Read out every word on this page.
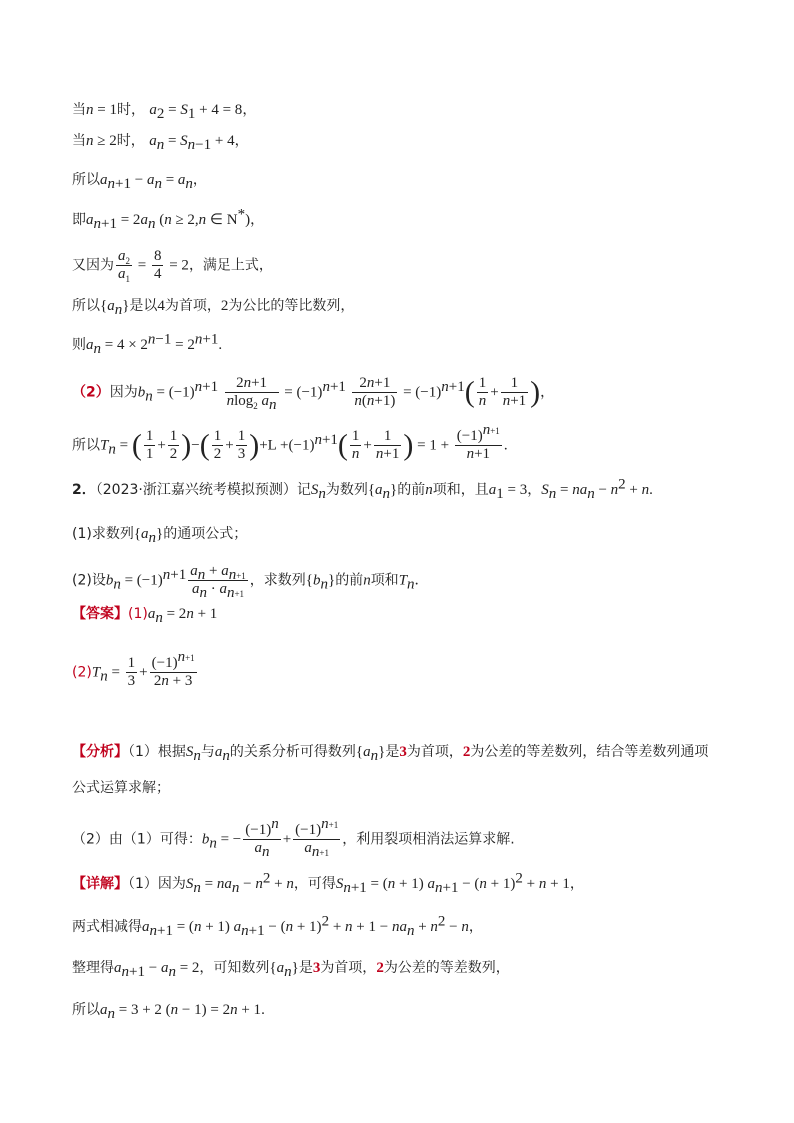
当n = 1时， $a_2 = S_1 + 4 = 8$，
当n ≥ 2时， $a_n = S_{n-1} + 4$，
所以$a_{n+1} - a_n = a_n$，
即$a_{n+1} = 2a_n$ (n ≥ 2,n ∈ N*)，
又因为 $\frac{a_2}{a_1} = \frac{8}{4} = 2$，满足上式，
所以$\{a_n\}$是以4为首项，2为公比的等比数列，
则$a_n = 4 \times 2^{n-1} = 2^{n+1}$.
（2）因为$b_n = (-1)^{n+1} \frac{2n+1}{nlog_2 a_n} = (-1)^{n+1} \frac{2n+1}{n(n+1)} = (-1)^{n+1}( \frac{1}{n} + \frac{1}{n+1}$ )，
所以$T_n$ = ( $\frac{1}{1} + \frac{1}{2}$ )−( $\frac{1}{2} + \frac{1}{3} )+L +(-1)^{n+1}( \frac{1}{n} + \frac{1}{n+1}$ ) = $1 + \frac{(-1)^{n+1}}{n+1}$ .
2．（2023·浙江嘉兴统考模拟预测）记$S_n$为数列$\{a_n\}$的前n项和，且$a_1 = 3$，$S_n = na_n - n^2 + n$.
(1)求数列$\{a_n\}$的通项公式；
(2)设$b_n = (-1)^{n+1} \frac{a_n + a_{n+1}}{a_n \cdot a_{n+1}}$ ，求数列$\{b_n\}$的前n项和$T_n$．
【答案】$(1)a_n = 2n + 1$
$(2)T_n = \frac{1}{3} + \frac{(-1)^{n+1}}{2n + 3}$
【分析】（1）根据$S_n$与$a_n$的关系分析可得数列$\{a_n\}$是3为首项，2为公差的等差数列，结合等差数列通项
公式运算求解；
（2）由（1）可得：$b_n$ = − $\frac{(-1)^n}{a_n} + \frac{(-1)^{n+1}}{a_{n+1}}$ ，利用裂项相消法运算求解.
【详解】（1）因为$S_n = na_n - n^2 + n$，可得$S_{n+1} = (n + 1) a_{n+1} - (n + 1)^2 + n + 1$，
两式相减得$a_{n+1} = (n + 1) a_{n+1} - (n + 1)^2 + n + 1 - na_n + n^2 - n$，
整理得$a_{n+1} - a_n = 2$，可知数列$\{a_n\}$是3为首项，2为公差的等差数列，
所以$a_n = 3 + 2$ (n − 1) = 2n + 1.
